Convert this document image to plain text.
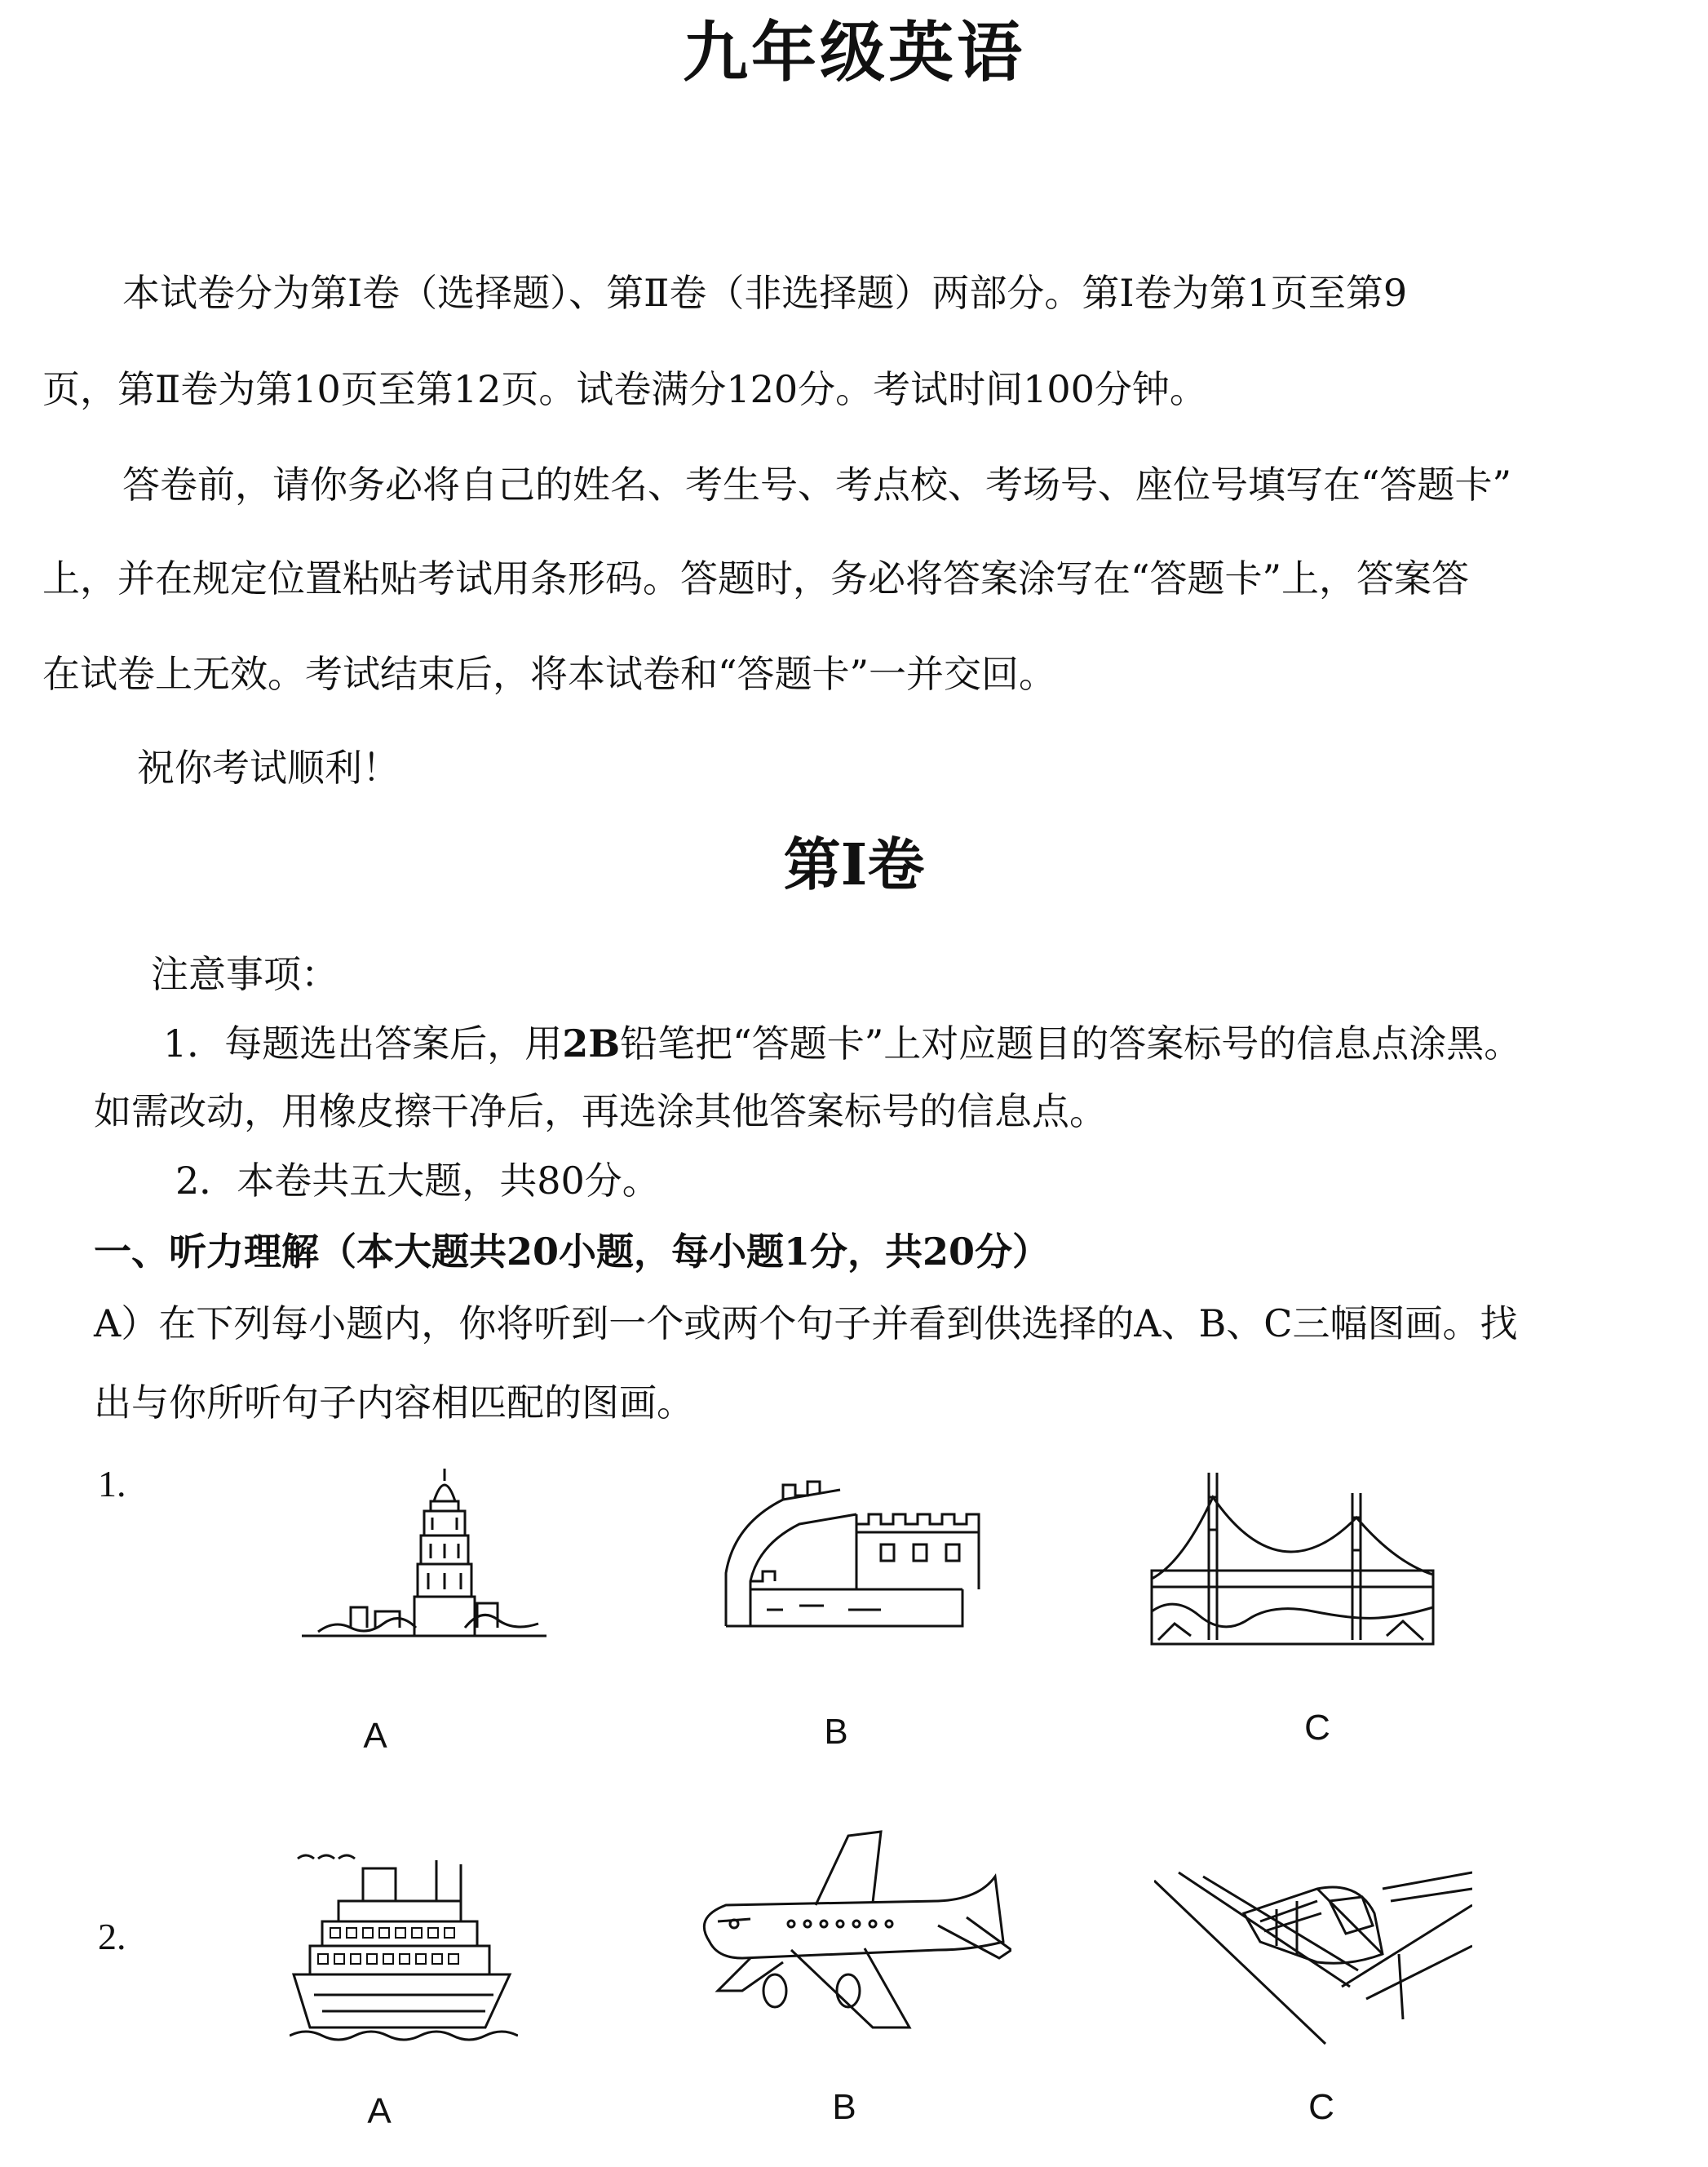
九年级英语
本试卷分为第Ⅰ卷（选择题）、第Ⅱ卷（非选择题）两部分。第Ⅰ卷为第1页至第9
页，第Ⅱ卷为第10页至第12页。试卷满分120分。考试时间100分钟。
答卷前，请你务必将自己的姓名、考生号、考点校、考场号、座位号填写在“答题卡”
上，并在规定位置粘贴考试用条形码。答题时，务必将答案涂写在“答题卡”上，答案答
在试卷上无效。考试结束后，将本试卷和“答题卡”一并交回。
祝你考试顺利！
第Ⅰ卷
注意事项：
1．每题选出答案后，用2B铅笔把“答题卡”上对应题目的答案标号的信息点涂黑。
如需改动，用橡皮擦干净后，再选涂其他答案标号的信息点。
2．本卷共五大题，共80分。
一、听力理解（本大题共20小题，每小题1分，共20分）
A）在下列每小题内，你将听到一个或两个句子并看到供选择的A、B、C三幅图画。找
出与你所听句子内容相匹配的图画。
1.
A	B	C
2.
A	B	C
